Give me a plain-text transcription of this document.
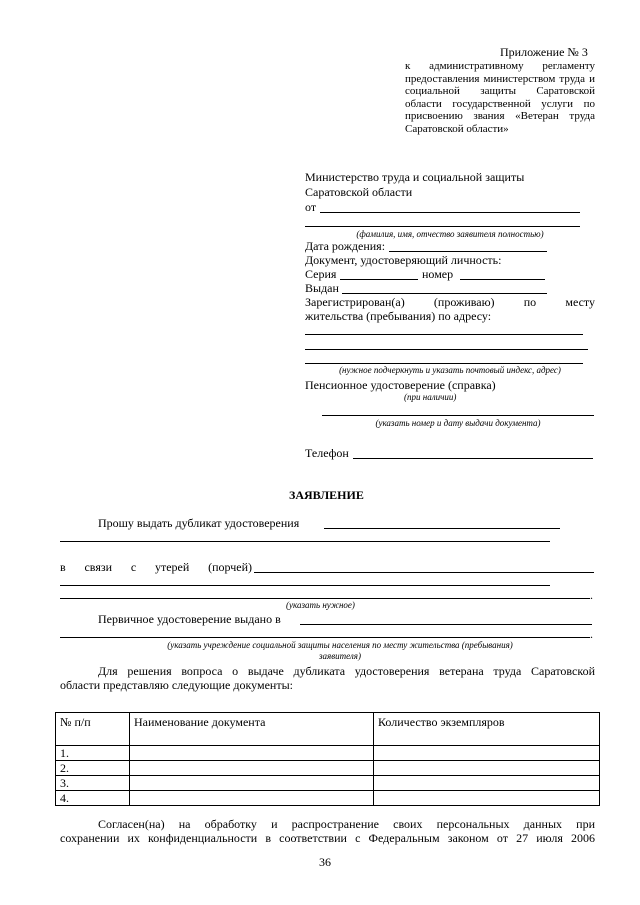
Приложение № 3
к административному регламенту
предоставления министерством труда и
социальной защиты Саратовской
области государственной услуги по
присвоению звания «Ветеран труда
Саратовской области»
Министерство труда и социальной защиты
Саратовской области
от
(фамилия, имя, отчество заявителя полностью)
Дата рождения:
Документ, удостоверяющий личность:
Серия	номер
Выдан
Зарегистрирован(а) (проживаю) по месту
жительства (пребывания) по адресу:
(нужное подчеркнуть и указать почтовый индекс, адрес)
Пенсионное удостоверение (справка)
(при наличии)
(указать номер и дату выдачи документа)
Телефон
ЗАЯВЛЕНИЕ
Прошу выдать дубликат удостоверения
в связи с утерей (порчей)
.
(указать нужное)
Первичное удостоверение выдано в
.
(указать учреждение социальной защиты населения по месту жительства (пребывания)
заявителя)
Для решения вопроса о выдаче дубликата удостоверения ветерана труда Саратовской
области представляю следующие документы:
№ п/п	Наименование документа	Количество экземпляров
1.		
2.		
3.		
4.		
Согласен(на) на обработку и распространение своих персональных данных при
сохранении их конфиденциальности в соответствии с Федеральным законом от 27 июля 2006
36
